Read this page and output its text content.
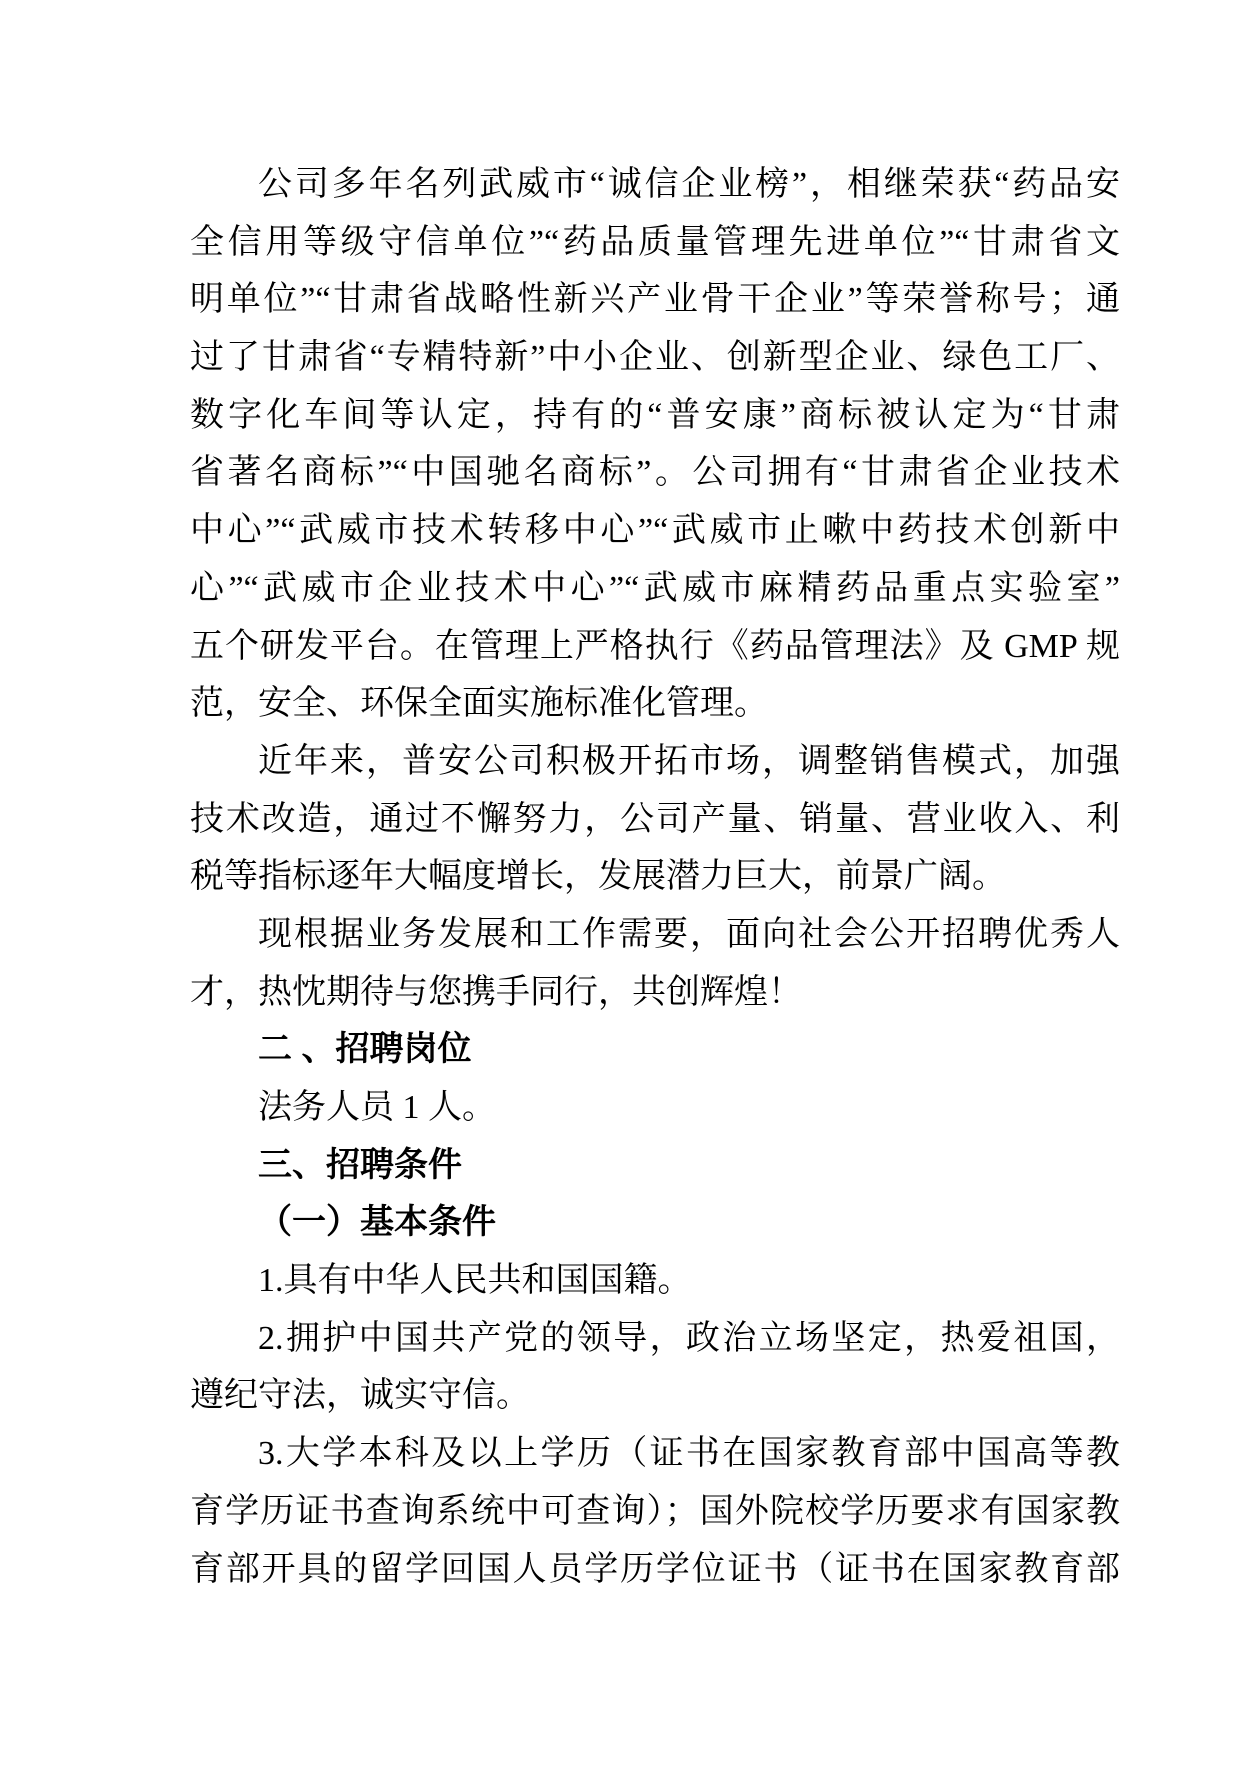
公司多年名列武威市“诚信企业榜”，相继荣获“药品安
全信用等级守信单位”“药品质量管理先进单位”“甘肃省文
明单位”“甘肃省战略性新兴产业骨干企业”等荣誉称号；通
过了甘肃省“专精特新”中小企业、创新型企业、绿色工厂、
数字化车间等认定，持有的“普安康”商标被认定为“甘肃
省著名商标”“中国驰名商标”。公司拥有“甘肃省企业技术
中心”“武威市技术转移中心”“武威市止嗽中药技术创新中
心”“武威市企业技术中心”“武威市麻精药品重点实验室”
五个研发平台。在管理上严格执行《药品管理法》及 GMP 规
范，安全、环保全面实施标准化管理。
近年来，普安公司积极开拓市场，调整销售模式，加强
技术改造，通过不懈努力，公司产量、销量、营业收入、利
税等指标逐年大幅度增长，发展潜力巨大，前景广阔。
现根据业务发展和工作需要，面向社会公开招聘优秀人
才，热忱期待与您携手同行，共创辉煌！
二 、招聘岗位
法务人员 1 人。
三、招聘条件
（一）基本条件
1.具有中华人民共和国国籍。
2.拥护中国共产党的领导，政治立场坚定，热爱祖国，
遵纪守法，诚实守信。
3.大学本科及以上学历（证书在国家教育部中国高等教
育学历证书查询系统中可查询）；国外院校学历要求有国家教
育部开具的留学回国人员学历学位证书（证书在国家教育部
